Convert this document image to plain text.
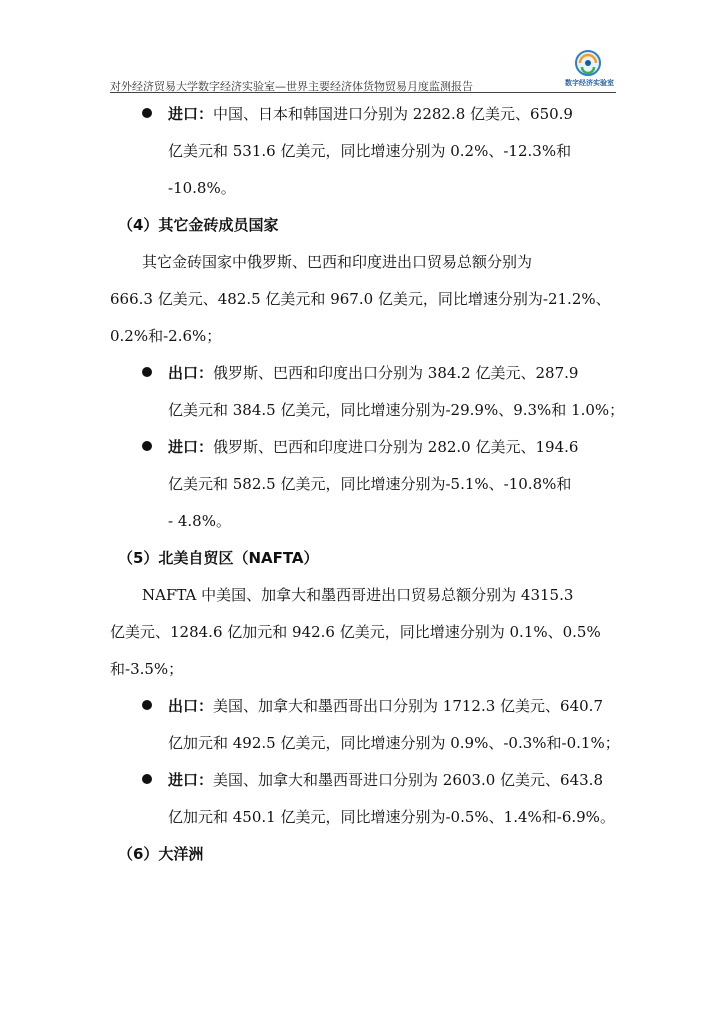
对外经济贸易大学数字经济实验室—世界主要经济体货物贸易月度监测报告	数字经济实验室
进口：中国、日本和韩国进口分别为 2282.8 亿美元、650.9
亿美元和 531.6 亿美元，同比增速分别为 0.2%、-12.3%和
-10.8%。
（4）其它金砖成员国家
其它金砖国家中俄罗斯、巴西和印度进出口贸易总额分别为
666.3 亿美元、482.5 亿美元和 967.0 亿美元，同比增速分别为-21.2%、
0.2%和-2.6%；
出口：俄罗斯、巴西和印度出口分别为 384.2 亿美元、287.9
亿美元和 384.5 亿美元，同比增速分别为-29.9%、9.3%和 1.0%；
进口：俄罗斯、巴西和印度进口分别为 282.0 亿美元、194.6
亿美元和 582.5 亿美元，同比增速分别为-5.1%、-10.8%和
- 4.8%。
（5）北美自贸区（NAFTA）
NAFTA 中美国、加拿大和墨西哥进出口贸易总额分别为 4315.3
亿美元、1284.6 亿加元和 942.6 亿美元，同比增速分别为 0.1%、0.5%
和-3.5%；
出口：美国、加拿大和墨西哥出口分别为 1712.3 亿美元、640.7
亿加元和 492.5 亿美元，同比增速分别为 0.9%、-0.3%和-0.1%；
进口：美国、加拿大和墨西哥进口分别为 2603.0 亿美元、643.8
亿加元和 450.1 亿美元，同比增速分别为-0.5%、1.4%和-6.9%。
（6）大洋洲
